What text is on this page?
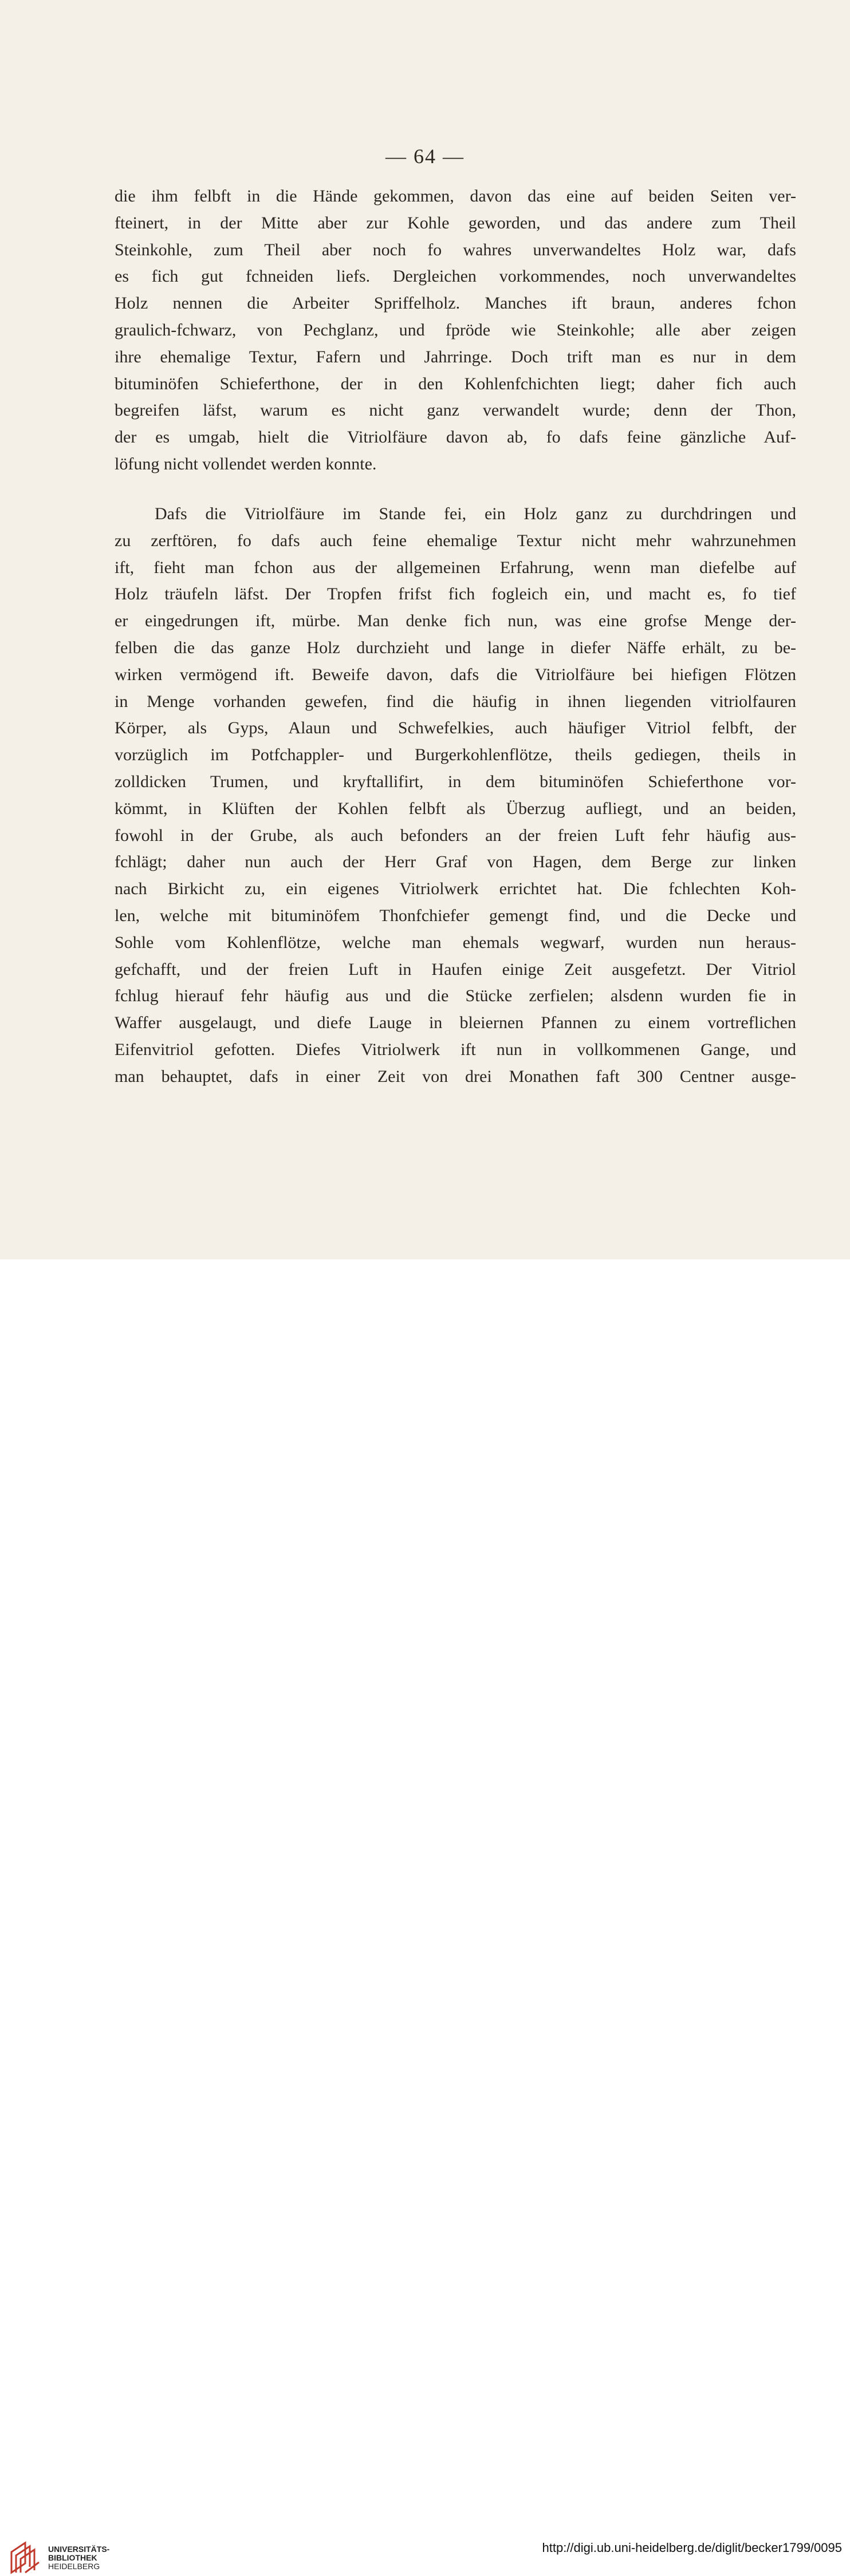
— 64 —
die ihm felbft in die Hände gekommen, davon das eine auf beiden Seiten ver-
fteinert, in der Mitte aber zur Kohle geworden, und das andere zum Theil
Steinkohle, zum Theil aber noch fo wahres unverwandeltes Holz war, dafs
es fich gut fchneiden liefs. Dergleichen vorkommendes, noch unverwandeltes
Holz nennen die Arbeiter Spriffelholz. Manches ift braun, anderes fchon
graulich-fchwarz, von Pechglanz, und fpröde wie Steinkohle; alle aber zeigen
ihre ehemalige Textur, Fafern und Jahrringe. Doch trift man es nur in dem
bituminöfen Schieferthone, der in den Kohlenfchichten liegt; daher fich auch
begreifen läfst, warum es nicht ganz verwandelt wurde; denn der Thon,
der es umgab, hielt die Vitriolfäure davon ab, fo dafs feine gänzliche Auf-
löfung nicht vollendet werden konnte.
Dafs die Vitriolfäure im Stande fei, ein Holz ganz zu durchdringen und
zu zerftören, fo dafs auch feine ehemalige Textur nicht mehr wahrzunehmen
ift, fieht man fchon aus der allgemeinen Erfahrung, wenn man diefelbe auf
Holz träufeln läfst. Der Tropfen frifst fich fogleich ein, und macht es, fo tief
er eingedrungen ift, mürbe. Man denke fich nun, was eine grofse Menge der-
felben die das ganze Holz durchzieht und lange in diefer Näffe erhält, zu be-
wirken vermögend ift. Beweife davon, dafs die Vitriolfäure bei hiefigen Flötzen
in Menge vorhanden gewefen, find die häufig in ihnen liegenden vitriolfauren
Körper, als Gyps, Alaun und Schwefelkies, auch häufiger Vitriol felbft, der
vorzüglich im Potfchappler- und Burgerkohlenflötze, theils gediegen, theils in
zolldicken Trumen, und kryftallifirt, in dem bituminöfen Schieferthone vor-
kömmt, in Klüften der Kohlen felbft als Überzug aufliegt, und an beiden,
fowohl in der Grube, als auch befonders an der freien Luft fehr häufig aus-
fchlägt; daher nun auch der Herr Graf von Hagen, dem Berge zur linken
nach Birkicht zu, ein eigenes Vitriolwerk errichtet hat. Die fchlechten Koh-
len, welche mit bituminöfem Thonfchiefer gemengt find, und die Decke und
Sohle vom Kohlenflötze, welche man ehemals wegwarf, wurden nun heraus-
gefchafft, und der freien Luft in Haufen einige Zeit ausgefetzt. Der Vitriol
fchlug hierauf fehr häufig aus und die Stücke zerfielen; alsdenn wurden fie in
Waffer ausgelaugt, und diefe Lauge in bleiernen Pfannen zu einem vortreflichen
Eifenvitriol gefotten. Diefes Vitriolwerk ift nun in vollkommenen Gange, und
man behauptet, dafs in einer Zeit von drei Monathen faft 300 Centner ausge-
UNIVERSITÄTS-
BIBLIOTHEK
HEIDELBERG
http://digi.ub.uni-heidelberg.de/diglit/becker1799/0095
